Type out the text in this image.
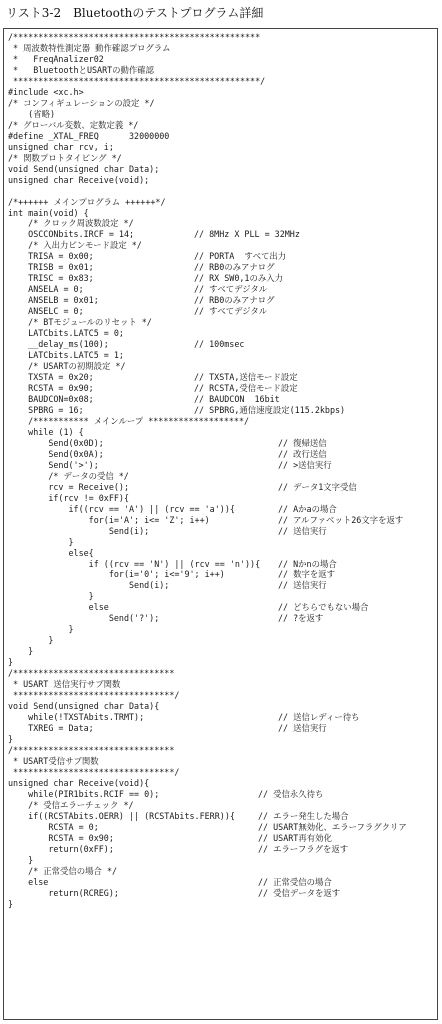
リスト3-2　Bluetoothのテストプログラム詳細
/*************************************************
* 周波数特性測定器 動作確認プログラム
*   FreqAnalizer02
*   BluetoothとUSARTの動作確認
*************************************************/
#include <xc.h>
/* コンフィギュレーションの設定 */
(省略)
/* グローバル変数、定数定義 */
#define _XTAL_FREQ      32000000
unsigned char rcv, i;
/* 関数プロトタイピング */
void Send(unsigned char Data);
unsigned char Receive(void);
/*++++++ メインプログラム ++++++*/
int main(void) {
/* クロック周波数設定 */
OSCCONbits.IRCF = 14;	// 8MHz X PLL = 32MHz
/* 入出力ピンモード設定 */
TRISA = 0x00;	// PORTA  すべて出力
TRISB = 0x01;	// RB0のみアナログ
TRISC = 0x83;	// RX SW0,1のみ入力
ANSELA = 0;	// すべてデジタル
ANSELB = 0x01;	// RB0のみアナログ
ANSELC = 0;	// すべてデジタル
/* BTモジュールのリセット */
LATCbits.LATC5 = 0;
__delay_ms(100);	// 100msec
LATCbits.LATC5 = 1;
/* USARTの初期設定 */
TXSTA = 0x20;	// TXSTA,送信モード設定
RCSTA = 0x90;	// RCSTA,受信モード設定
BAUDCON=0x08;	// BAUDCON  16bit
SPBRG = 16;	// SPBRG,通信速度設定(115.2kbps)
/*********** メインループ *******************/
while (1) {
Send(0x0D);	// 復帰送信
Send(0x0A);	// 改行送信
Send('>');	// >送信実行
/* データの受信 */
rcv = Receive();	// データ1文字受信
if(rcv != 0xFF){
if((rcv == 'A') || (rcv == 'a')){	// Aかaの場合
for(i='A'; i<= 'Z'; i++)	// アルファベット26文字を返す
Send(i);	// 送信実行
}
else{
if ((rcv == 'N') || (rcv == 'n')){ // Nかnの場合
for(i='0'; i<='9'; i++)	// 数字を返す
Send(i);	// 送信実行
}
else	// どちらでもない場合
Send('?');	// ?を返す
}
}
}
}
/********************************
* USART 送信実行サブ関数
********************************/
void Send(unsigned char Data){
while(!TXSTAbits.TRMT);	// 送信レディー待ち
TXREG = Data;	// 送信実行
}
/********************************
* USART受信サブ関数
********************************/
unsigned char Receive(void){
while(PIR1bits.RCIF == 0);	// 受信永久待ち
/* 受信エラーチェック */
if((RCSTAbits.OERR) || (RCSTAbits.FERR)){	// エラー発生した場合
RCSTA = 0;	// USART無効化、エラーフラグクリア
RCSTA = 0x90;	// USART再有効化
return(0xFF);	// エラーフラグを返す
}
/* 正常受信の場合 */
else	// 正常受信の場合
return(RCREG);	// 受信データを返す
}
